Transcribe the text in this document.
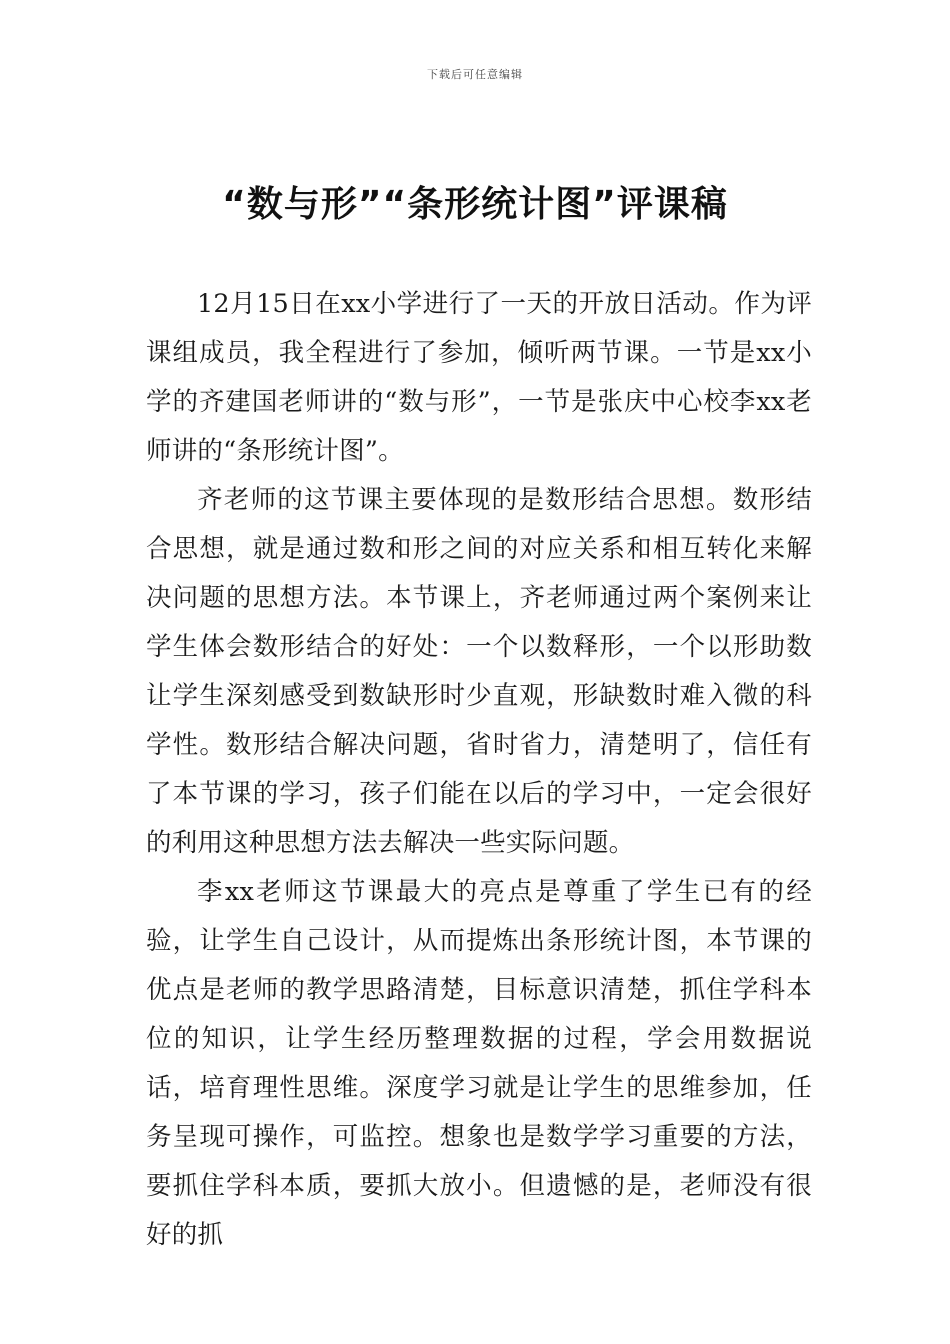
下载后可任意编辑
“数与形”“条形统计图”评课稿

12月15日在xx小学进行了一天的开放日活动。作为评课组成员，我全程进行了参加，倾听两节课。一节是xx小学的齐建国老师讲的“数与形”，一节是张庆中心校李xx老师讲的“条形统计图”。

齐老师的这节课主要体现的是数形结合思想。数形结合思想，就是通过数和形之间的对应关系和相互转化来解决问题的思想方法。本节课上，齐老师通过两个案例来让学生体会数形结合的好处：一个以数释形，一个以形助数让学生深刻感受到数缺形时少直观，形缺数时难入微的科学性。数形结合解决问题，省时省力，清楚明了，信任有了本节课的学习，孩子们能在以后的学习中，一定会很好的利用这种思想方法去解决一些实际问题。

李xx老师这节课最大的亮点是尊重了学生已有的经验，让学生自己设计，从而提炼出条形统计图，本节课的优点是老师的教学思路清楚，目标意识清楚，抓住学科本位的知识，让学生经历整理数据的过程，学会用数据说话，培育理性思维。深度学习就是让学生的思维参加，任务呈现可操作，可监控。想象也是数学学习重要的方法，要抓住学科本质，要抓大放小。但遗憾的是，老师没有很好的抓
